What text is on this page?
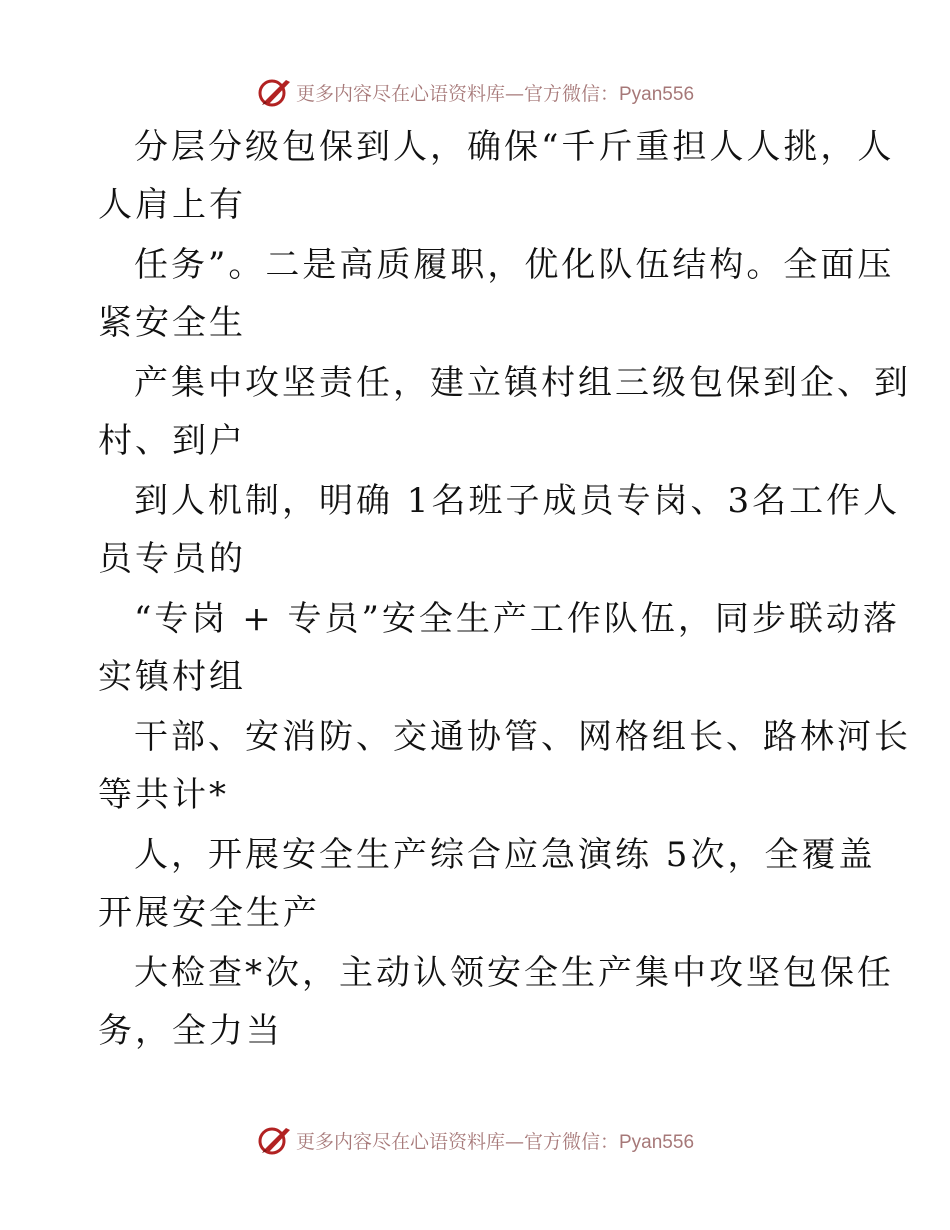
更多内容尽在心语资料库—官方微信：Pyan556
分层分级包保到人，确保“千斤重担人人挑，人
人肩上有
任务”。二是高质履职，优化队伍结构。全面压
紧安全生
产集中攻坚责任，建立镇村组三级包保到企、到
村、到户
到人机制，明确 1名班子成员专岗、3名工作人
员专员的
“专岗 + 专员”安全生产工作队伍，同步联动落
实镇村组
干部、安消防、交通协管、网格组长、路林河长
等共计*
人，开展安全生产综合应急演练 5次，全覆盖
开展安全生产
大检查*次，主动认领安全生产集中攻坚包保任
务，全力当
更多内容尽在心语资料库—官方微信：Pyan556
